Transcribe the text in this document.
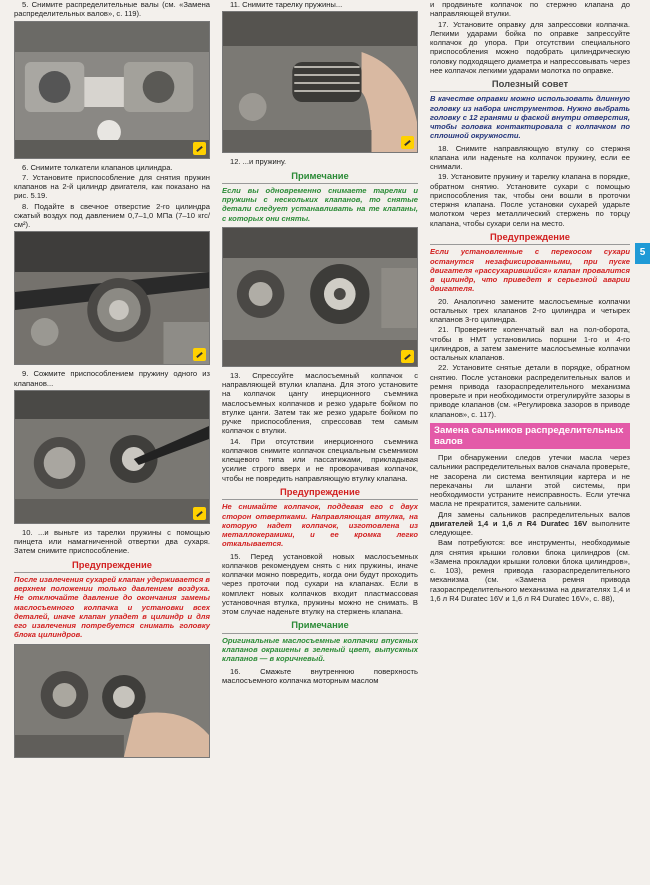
5. Снимите распределительные валы (см. «Замена распределительных валов», с. 119).

6. Снимите толкатели клапанов цилиндра.

7. Установите приспособление для снятия пружин клапанов на 2-й цилиндр двигателя, как показано на рис. 5.19.

8. Подайте в свечное отверстие 2-го цилиндра сжатый воздух под давлением 0,7–1,0 МПа (7–10 кгс/см²).

9. Сожмите приспособлением пружину одного из клапанов...

10. ...и выньте из тарелки пружины с помощью пинцета или намагниченной отвертки два сухаря. Затем снимите приспособление.

Предупреждение

После извлечения сухарей клапан удерживается в верхнем положении только давлением воздуха. Не отключайте давление до окончания замены маслосъемного колпачка и установки всех деталей, иначе клапан упадет в цилиндр и для его извлечения потребуется снимать головку блока цилиндров.

11. Снимите тарелку пружины...

12. ...и пружину.

Примечание

Если вы одновременно снимаете тарелки и пружины с нескольких клапанов, то снятые детали следует устанавливать на те клапаны, с которых они сняты.

13. Спрессуйте маслосъемный колпачок с направляющей втулки клапана. Для этого установите на колпачок цангу инерционного съемника маслосъемных колпачков и резко ударьте бойком по втулке цанги. Затем так же резко ударьте бойком по ручке приспособления, спрессовав тем самым колпачок с втулки.

14. При отсутствии инерционного съемника колпачков снимите колпачок специальным съемником клещевого типа или пассатижами, прикладывая усилие строго вверх и не проворачивая колпачок, чтобы не повредить направляющую втулку клапана.

Предупреждение

Не снимайте колпачок, поддевая его с двух сторон отвертками. Направляющая втулка, на которую надет колпачок, изготовлена из металлокерамики, и ее кромка легко откалывается.

15. Перед установкой новых маслосъемных колпачков рекомендуем снять с них пружины, иначе колпачки можно повредить, когда они будут проходить через проточки под сухари на клапанах. Если в комплект новых колпачков входит пластмассовая установочная втулка, пружины можно не снимать. В этом случае наденьте втулку на стержень клапана.

Примечание

Оригинальные маслосъемные колпачки впускных клапанов окрашены в зеленый цвет, выпускных клапанов — в коричневый.

16. Смажьте внутреннюю поверхность маслосъемного колпачка моторным маслом

и продвиньте колпачок по стержню клапана до направляющей втулки.

17. Установите оправку для запрессовки колпачка. Легкими ударами бойка по оправке запрессуйте колпачок до упора. При отсутствии специального приспособления можно подобрать цилиндрическую головку подходящего диаметра и напрессовывать через нее колпачок легкими ударами молотка по оправке.

Полезный совет

В качестве оправки можно использовать длинную головку из набора инструментов. Нужно выбрать головку с 12 гранями и фаской внутри отверстия, чтобы головка контактировала с колпачком по сплошной окружности.

18. Снимите направляющую втулку со стержня клапана или наденьте на колпачок пружину, если ее снимали.

19. Установите пружину и тарелку клапана в порядке, обратном снятию. Установите сухари с помощью приспособления так, чтобы они вошли в проточки стержня клапана. После установки сухарей ударьте молотком через металлический стержень по торцу клапана, чтобы сухари сели на место.

Предупреждение

Если установленные с перекосом сухари останутся незафиксированными, при пуске двигателя «рассухарившийся» клапан провалится в цилиндр, что приведет к серьезной аварии двигателя.

20. Аналогично замените маслосъемные колпачки остальных трех клапанов 2-го цилиндра и четырех клапанов 3-го цилиндра.

21. Проверните коленчатый вал на пол-оборота, чтобы в НМТ установились поршни 1-го и 4-го цилиндров, а затем замените маслосъемные колпачки остальных клапанов.

22. Установите снятые детали в порядке, обратном снятию. После установки распределительных валов и ремня привода газораспределительного механизма проверьте и при необходимости отрегулируйте зазоры в приводе клапанов (см. «Регулировка зазоров в приводе клапанов», с. 117).

Замена сальников распределительных валов

При обнаружении следов утечки масла через сальники распределительных валов сначала проверьте, не засорена ли система вентиляции картера и не перекачаны ли шланги этой системы, при необходимости устраните неисправность. Если утечка масла не прекратится, замените сальники.

Для замены сальников распределительных валов двигателей 1,4 и 1,6 л R4 Duratec 16V выполните следующее.

Вам потребуются: все инструменты, необходимые для снятия крышки головки блока цилиндров (см. «Замена прокладки крышки головки блока цилиндров», с. 103), ремня привода газораспределительного механизма (см. «Замена ремня привода газораспределительного механизма на двигателях 1,4 и 1,6 л R4 Duratec 16V и 1,6 л R4 Duratec 16V», с. 88),

5
